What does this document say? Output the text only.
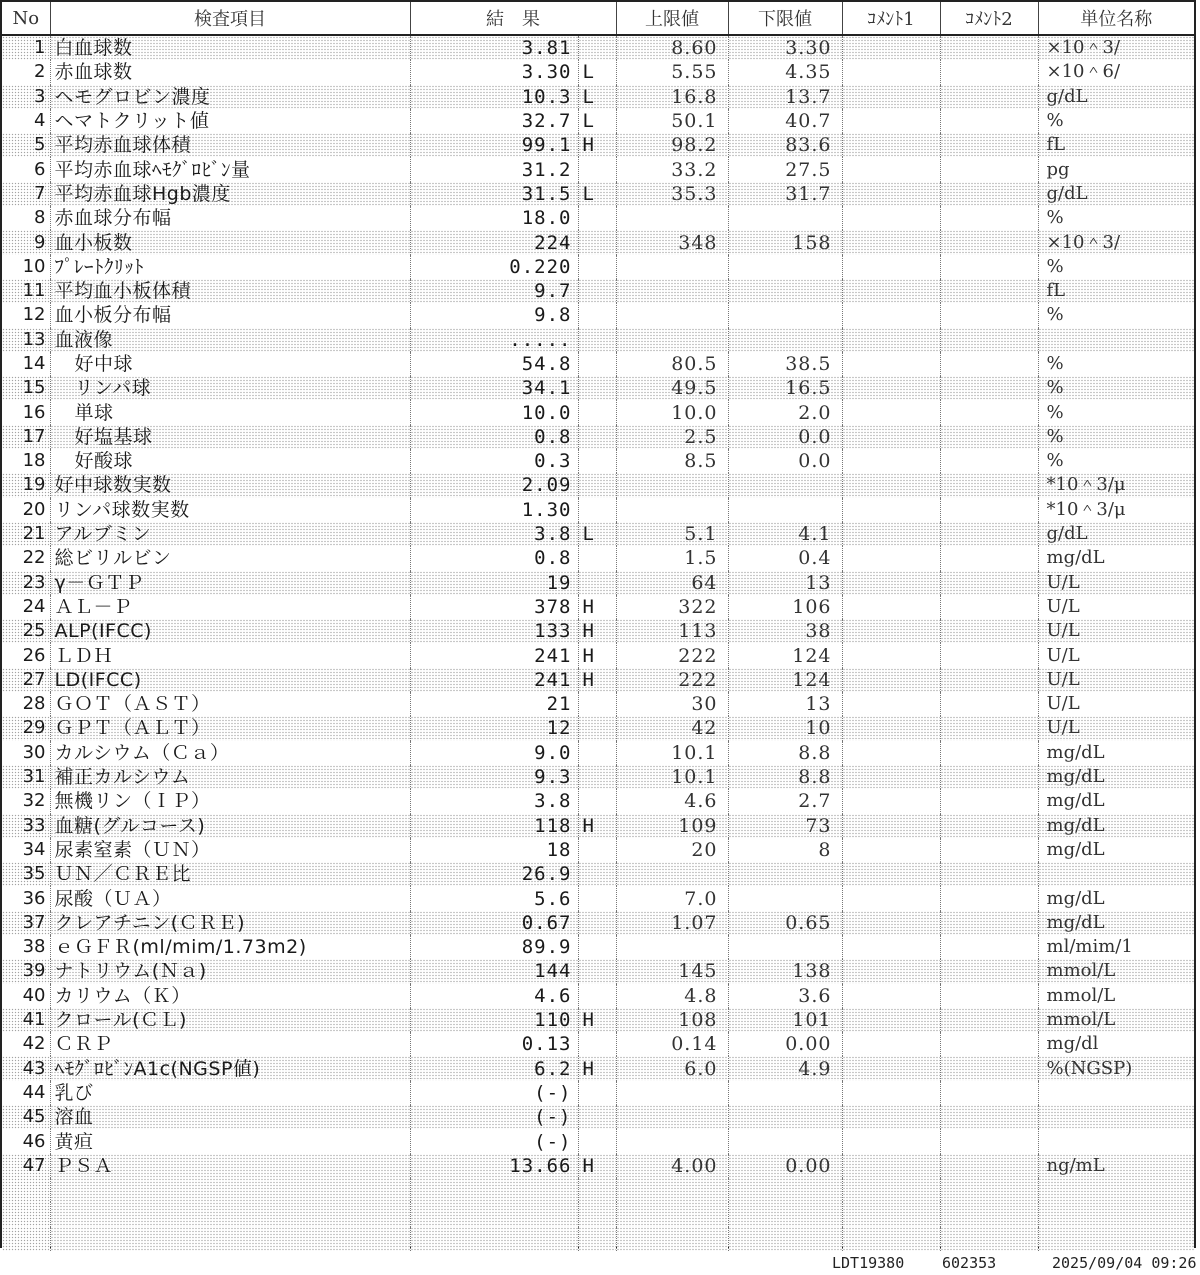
No	検査項目	結　果		上限値	下限値	ｺﾒﾝﾄ1	ｺﾒﾝﾄ2	単位名称
1	白血球数	3.81		8.60	3.30			×10＾3/
2	赤血球数	3.30	L	5.55	4.35			×10＾6/
3	ヘモグロビン濃度	10.3	L	16.8	13.7			g/dL
4	ヘマトクリット値	32.7	L	50.1	40.7			%
5	平均赤血球体積	99.1	H	98.2	83.6			fL
6	平均赤血球ﾍﾓｸﾞﾛﾋﾞﾝ量	31.2		33.2	27.5			pg
7	平均赤血球Hgb濃度	31.5	L	35.3	31.7			g/dL
8	赤血球分布幅	18.0						%
9	血小板数	224		348	158			×10＾3/
10	ﾌﾟﾚｰﾄｸﾘｯﾄ	0.220						%
11	平均血小板体積	9.7						fL
12	血小板分布幅	9.8						%
13	血液像	.....						
14	好中球	54.8		80.5	38.5			%
15	リンパ球	34.1		49.5	16.5			%
16	単球	10.0		10.0	2.0			%
17	好塩基球	0.8		2.5	0.0			%
18	好酸球	0.3		8.5	0.0			%
19	好中球数実数	2.09						*10＾3/μ
20	リンパ球数実数	1.30						*10＾3/μ
21	アルブミン	3.8	L	5.1	4.1			g/dL
22	総ビリルビン	0.8		1.5	0.4			mg/dL
23	γ－ＧＴＰ	19		64	13			U/L
24	ＡＬ－Ｐ	378	H	322	106			U/L
25	ALP(IFCC)	133	H	113	38			U/L
26	ＬＤＨ	241	H	222	124			U/L
27	LD(IFCC)	241	H	222	124			U/L
28	ＧＯＴ（ＡＳＴ）	21		30	13			U/L
29	ＧＰＴ（ＡＬＴ）	12		42	10			U/L
30	カルシウム（Ｃａ）	9.0		10.1	8.8			mg/dL
31	補正カルシウム	9.3		10.1	8.8			mg/dL
32	無機リン（ＩＰ）	3.8		4.6	2.7			mg/dL
33	血糖(グルコース)	118	H	109	73			mg/dL
34	尿素窒素（ＵＮ）	18		20	8			mg/dL
35	ＵＮ／ＣＲＥ比	26.9						
36	尿酸（ＵＡ）	5.6		7.0				mg/dL
37	クレアチニン(ＣＲＥ)	0.67		1.07	0.65			mg/dL
38	ｅＧＦＲ(ml/mim/1.73m2)	89.9						ml/mim/1
39	ナトリウム(Ｎａ)	144		145	138			mmol/L
40	カリウム（Ｋ）	4.6		4.8	3.6			mmol/L
41	クロール(ＣＬ)	110	H	108	101			mmol/L
42	ＣＲＰ	0.13		0.14	0.00			mg/dl
43	ﾍﾓｸﾞﾛﾋﾞﾝA1c(NGSP値)	6.2	H	6.0	4.9			%(NGSP)
44	乳び	(-)						
45	溶血	(-)						
46	黄疸	(-)						
47	ＰＳＡ	13.66	H	4.00	0.00			ng/mL

LDT19380	602353	2025/09/04 09:26
